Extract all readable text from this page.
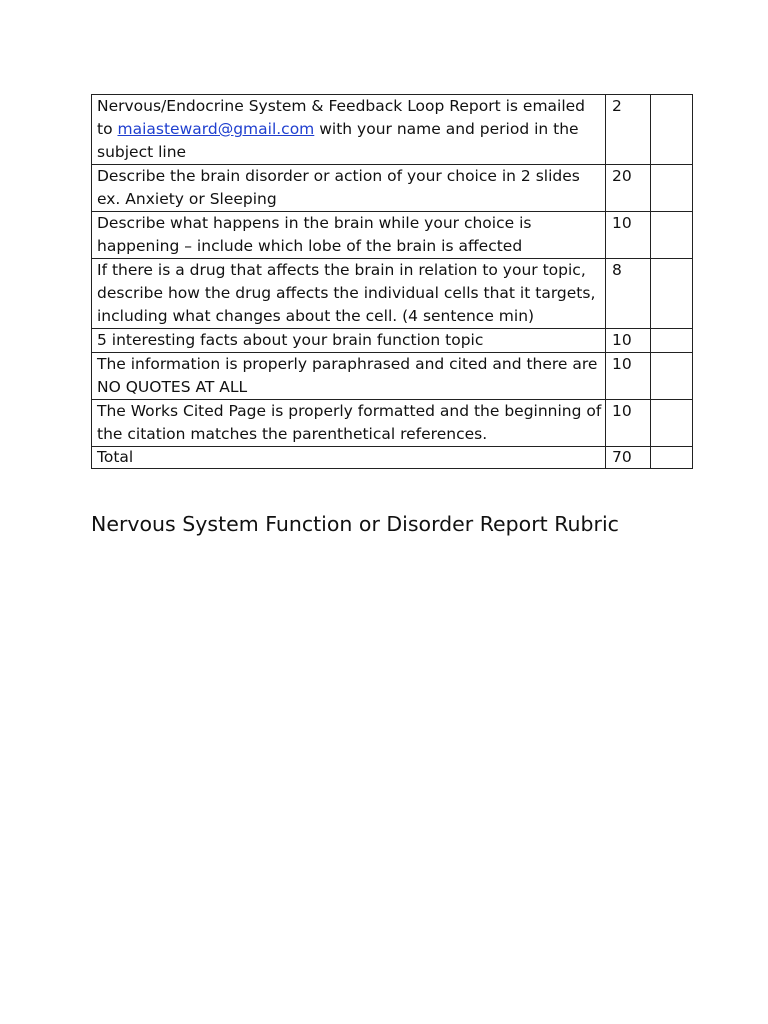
Nervous/Endocrine System & Feedback Loop Report is emailed to maiasteward@gmail.com with your name and period in the subject line	2	
Describe the brain disorder or action of your choice in 2 slides ex. Anxiety or Sleeping	20	
Describe what happens in the brain while your choice is happening – include which lobe of the brain is affected	10	
If there is a drug that affects the brain in relation to your topic, describe how the drug affects the individual cells that it targets, including what changes about the cell. (4 sentence min)	8	
5 interesting facts about your brain function topic	10	
The information is properly paraphrased and cited and there are NO QUOTES AT ALL	10	
The Works Cited Page is properly formatted and the beginning of the citation matches the parenthetical references.	10	
Total	70	
Nervous System Function or Disorder Report Rubric
